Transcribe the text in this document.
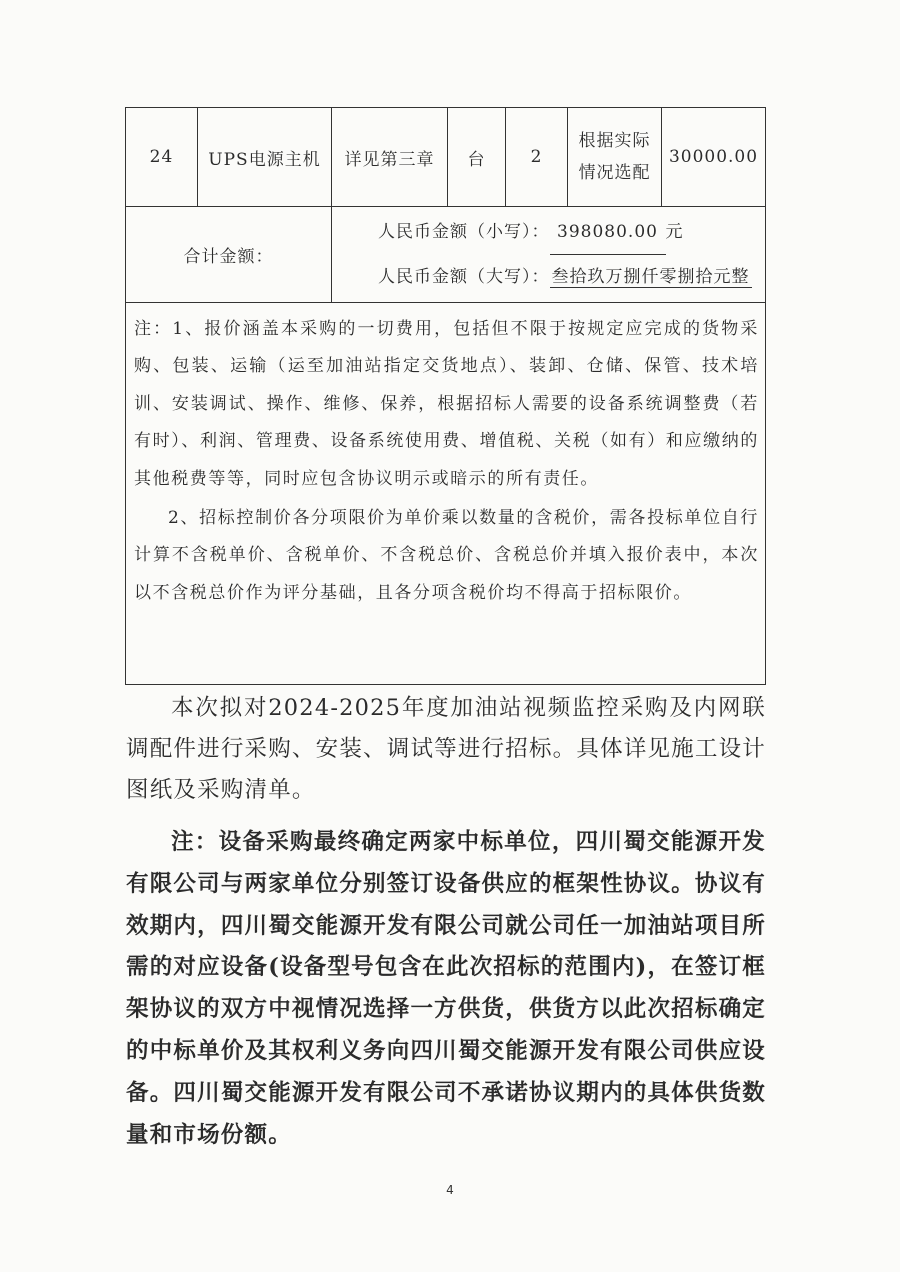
24	UPS电源主机	详见第三章	台	2	根据实际
情况选配	30000.00
合计金额：		人民币金额（小写）： 398080.00 元
人民币金额（大写）： 叁拾玖万捌仟零捌拾元整				

注：1、报价涵盖本采购的一切费用，包括但不限于按规定应完成的货物采购、包装、运输（运至加油站指定交货地点）、装卸、仓储、保管、技术培训、安装调试、操作、维修、保养，根据招标人需要的设备系统调整费（若有时）、利润、管理费、设备系统使用费、增值税、关税（如有）和应缴纳的其他税费等等，同时应包含协议明示或暗示的所有责任。

2、招标控制价各分项限价为单价乘以数量的含税价，需各投标单位自行计算不含税单价、含税单价、不含税总价、含税总价并填入报价表中，本次以不含税总价作为评分基础，且各分项含税价均不得高于招标限价。						

本次拟对2024-2025年度加油站视频监控采购及内网联调配件进行采购、安装、调试等进行招标。具体详见施工设计图纸及采购清单。

注：设备采购最终确定两家中标单位，四川蜀交能源开发有限公司与两家单位分别签订设备供应的框架性协议。协议有效期内，四川蜀交能源开发有限公司就公司任一加油站项目所需的对应设备(设备型号包含在此次招标的范围内)，在签订框架协议的双方中视情况选择一方供货，供货方以此次招标确定的中标单价及其权利义务向四川蜀交能源开发有限公司供应设备。四川蜀交能源开发有限公司不承诺协议期内的具体供货数量和市场份额。

4
